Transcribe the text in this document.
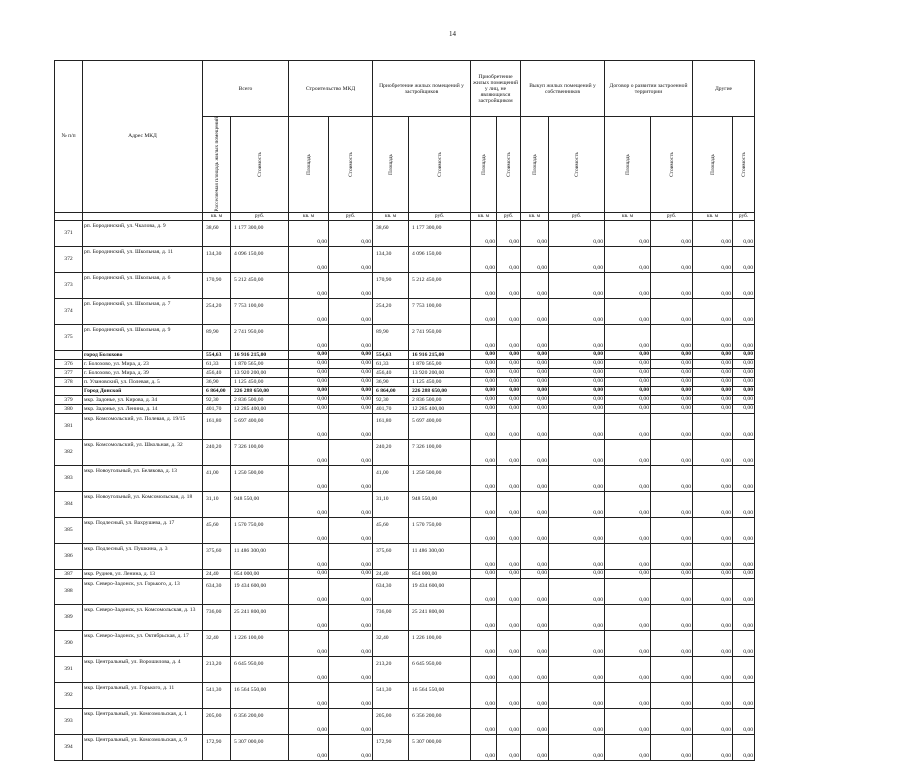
14
№ п/п	Адрес МКД	Всего		Строительство МКД		Приобретение жилых помещений у застройщиков		Приобретение жилых помещений у лиц, не являющихся застройщиком		Выкуп жилых помещений у собственников		Договор о развитии застроенной территории		Другие	

		Расселяемая площадь жилых помещений	Стоимость	Площадь	Стоимость	Площадь	Стоимость	Площадь	Стоимость	Площадь	Стоимость	Площадь	Стоимость	Площадь	Стоимость

		кв. м	руб.	кв. м	руб.	кв. м	руб.	кв. м	руб.	кв. м	руб.	кв. м	руб.	кв. м	руб.
371	рп. Бородинский, ул. Чкалова, д. 9	38,60	1 177 300,00	0,00	0,00	38,60	1 177 300,00	0,00	0,00	0,00	0,00	0,00	0,00	0,00	0,00
372	рп. Бородинский, ул. Школьная, д. 11	134,30	4 096 150,00	0,00	0,00	134,30	4 096 150,00	0,00	0,00	0,00	0,00	0,00	0,00	0,00	0,00
373	рп. Бородинский, ул. Школьная, д. 6	170,90	5 212 450,00	0,00	0,00	170,90	5 212 450,00	0,00	0,00	0,00	0,00	0,00	0,00	0,00	0,00
374	рп. Бородинский, ул. Школьная, д. 7	254,20	7 753 100,00	0,00	0,00	254,20	7 753 100,00	0,00	0,00	0,00	0,00	0,00	0,00	0,00	0,00
375	рп. Бородинский, ул. Школьная, д. 9	89,90	2 741 950,00	0,00	0,00	89,90	2 741 950,00	0,00	0,00	0,00	0,00	0,00	0,00	0,00	0,00
	город Болохово	554,63	16 916 215,00	0,00	0,00	554,63	16 916 215,00	0,00	0,00	0,00	0,00	0,00	0,00	0,00	0,00
376	г. Болохово, ул. Мира, д. 23	61,33	1 870 565,00	0,00	0,00	61,33	1 870 565,00	0,00	0,00	0,00	0,00	0,00	0,00	0,00	0,00
377	г. Болохово, ул. Мира, д. 39	456,40	13 920 200,00	0,00	0,00	456,40	13 920 200,00	0,00	0,00	0,00	0,00	0,00	0,00	0,00	0,00
378	п. Улановский, ул. Полевая, д. 5	36,90	1 125 450,00	0,00	0,00	36,90	1 125 450,00	0,00	0,00	0,00	0,00	0,00	0,00	0,00	0,00
	Город Донской	6 864,00	226 288 650,00	0,00	0,00	6 864,00	226 288 650,00	0,00	0,00	0,00	0,00	0,00	0,00	0,00	0,00
379	мкр. Задонье, ул. Кирова, д. 34	92,30	2 836 500,00	0,00	0,00	92,30	2 836 500,00	0,00	0,00	0,00	0,00	0,00	0,00	0,00	0,00
380	мкр. Задонье, ул. Ленина, д. 14	401,70	12 285 400,00	0,00	0,00	401,70	12 285 400,00	0,00	0,00	0,00	0,00	0,00	0,00	0,00	0,00
381	мкр. Комсомольский, ул. Полевая, д. 19/15	161,80	5 697 400,00	0,00	0,00	161,80	5 697 400,00	0,00	0,00	0,00	0,00	0,00	0,00	0,00	0,00
382	мкр. Комсомольский, ул. Школьная, д. 32	240,20	7 326 100,00	0,00	0,00	240,20	7 326 100,00	0,00	0,00	0,00	0,00	0,00	0,00	0,00	0,00
383	мкр. Новоугольный, ул. Белякова, д. 13	41,00	1 250 500,00	0,00	0,00	41,00	1 250 500,00	0,00	0,00	0,00	0,00	0,00	0,00	0,00	0,00
384	мкр. Новоугольный, ул. Комсомольская, д. 18	31,10	948 550,00	0,00	0,00	31,10	948 550,00	0,00	0,00	0,00	0,00	0,00	0,00	0,00	0,00
385	мкр. Подлесный, ул. Вахрушева, д. 17	45,60	1 570 750,00	0,00	0,00	45,60	1 570 750,00	0,00	0,00	0,00	0,00	0,00	0,00	0,00	0,00
386	мкр. Подлесный, ул. Пушкина, д. 3	375,60	11 486 300,00	0,00	0,00	375,60	11 486 300,00	0,00	0,00	0,00	0,00	0,00	0,00	0,00	0,00
387	мкр. Руднев, ул. Ленина, д. 13	24,40	854 000,00	0,00	0,00	24,40	854 000,00	0,00	0,00	0,00	0,00	0,00	0,00	0,00	0,00
388	мкр. Северо-Задонск, ул. Горького, д. 13	634,30	19 434 600,00	0,00	0,00	634,30	19 434 600,00	0,00	0,00	0,00	0,00	0,00	0,00	0,00	0,00
389	мкр. Северо-Задонск, ул. Комсомольская, д. 13	736,00	25 241 800,00	0,00	0,00	736,00	25 241 800,00	0,00	0,00	0,00	0,00	0,00	0,00	0,00	0,00
390	мкр. Северо-Задонск, ул. Октябрьская, д. 17	32,40	1 226 100,00	0,00	0,00	32,40	1 226 100,00	0,00	0,00	0,00	0,00	0,00	0,00	0,00	0,00
391	мкр. Центральный, ул. Ворошилова, д. 4	213,20	6 645 950,00	0,00	0,00	213,20	6 645 950,00	0,00	0,00	0,00	0,00	0,00	0,00	0,00	0,00
392	мкр. Центральный, ул. Горького, д. 11	541,30	16 564 550,00	0,00	0,00	541,30	16 564 550,00	0,00	0,00	0,00	0,00	0,00	0,00	0,00	0,00
393	мкр. Центральный, ул. Комсомольская, д. 1	205,00	6 356 200,00	0,00	0,00	205,00	6 356 200,00	0,00	0,00	0,00	0,00	0,00	0,00	0,00	0,00
394	мкр. Центральный, ул. Комсомольская, д. 9	172,90	5 307 000,00	0,00	0,00	172,90	5 307 000,00	0,00	0,00	0,00	0,00	0,00	0,00	0,00	0,00
